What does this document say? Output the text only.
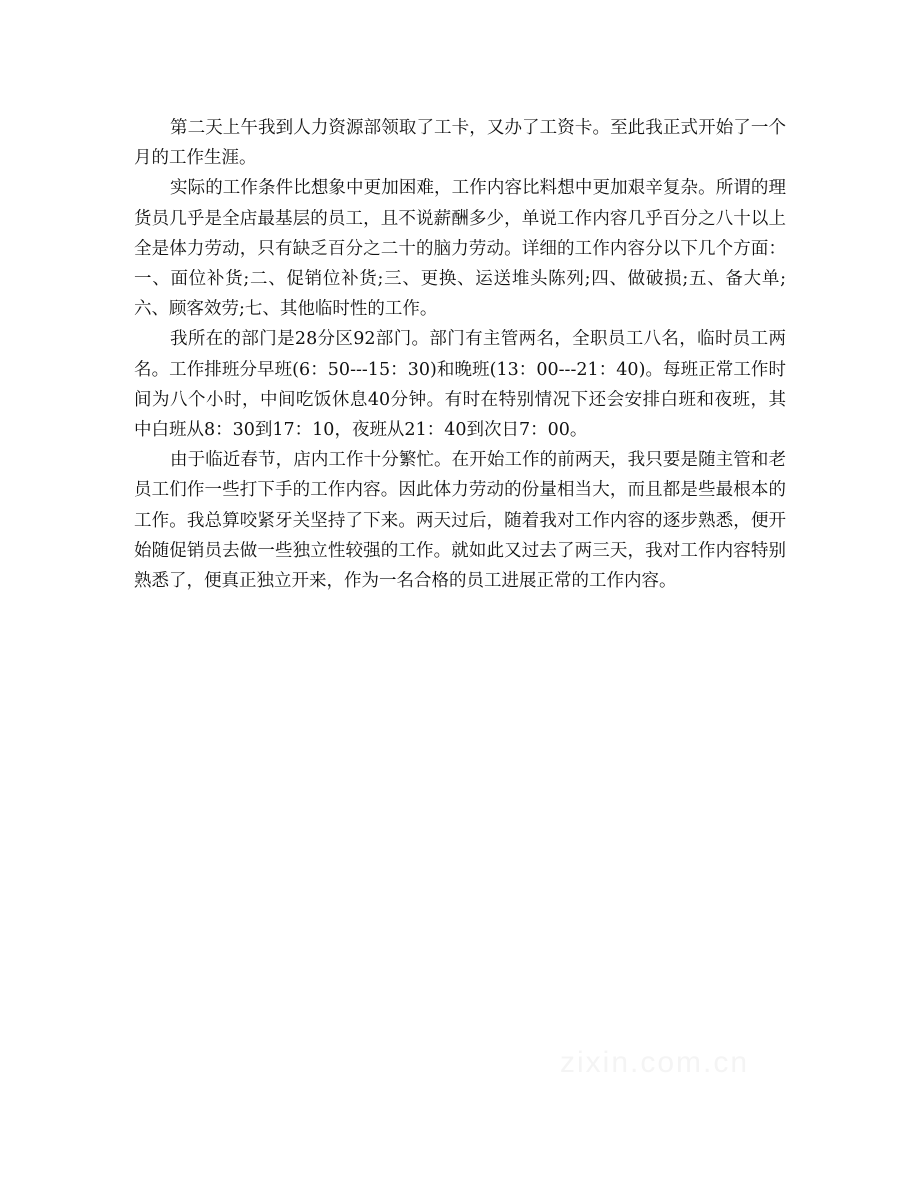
第二天上午我到人力资源部领取了工卡，又办了工资卡。至此我正式开始了一个月的工作生涯。

实际的工作条件比想象中更加困难，工作内容比料想中更加艰辛复杂。所谓的理货员几乎是全店最基层的员工，且不说薪酬多少，单说工作内容几乎百分之八十以上全是体力劳动，只有缺乏百分之二十的脑力劳动。详细的工作内容分以下几个方面：一、面位补货;二、促销位补货;三、更换、运送堆头陈列;四、做破损;五、备大单;六、顾客效劳;七、其他临时性的工作。

我所在的部门是28分区92部门。部门有主管两名，全职员工八名，临时员工两名。工作排班分早班(6：50---15：30)和晚班(13：00---21：40)。每班正常工作时间为八个小时，中间吃饭休息40分钟。有时在特别情况下还会安排白班和夜班，其中白班从8：30到17：10，夜班从21：40到次日7：00。

由于临近春节，店内工作十分繁忙。在开始工作的前两天，我只要是随主管和老员工们作一些打下手的工作内容。因此体力劳动的份量相当大，而且都是些最根本的工作。我总算咬紧牙关坚持了下来。两天过后，随着我对工作内容的逐步熟悉，便开始随促销员去做一些独立性较强的工作。就如此又过去了两三天，我对工作内容特别熟悉了，便真正独立开来，作为一名合格的员工进展正常的工作内容。

zixin.com.cn
